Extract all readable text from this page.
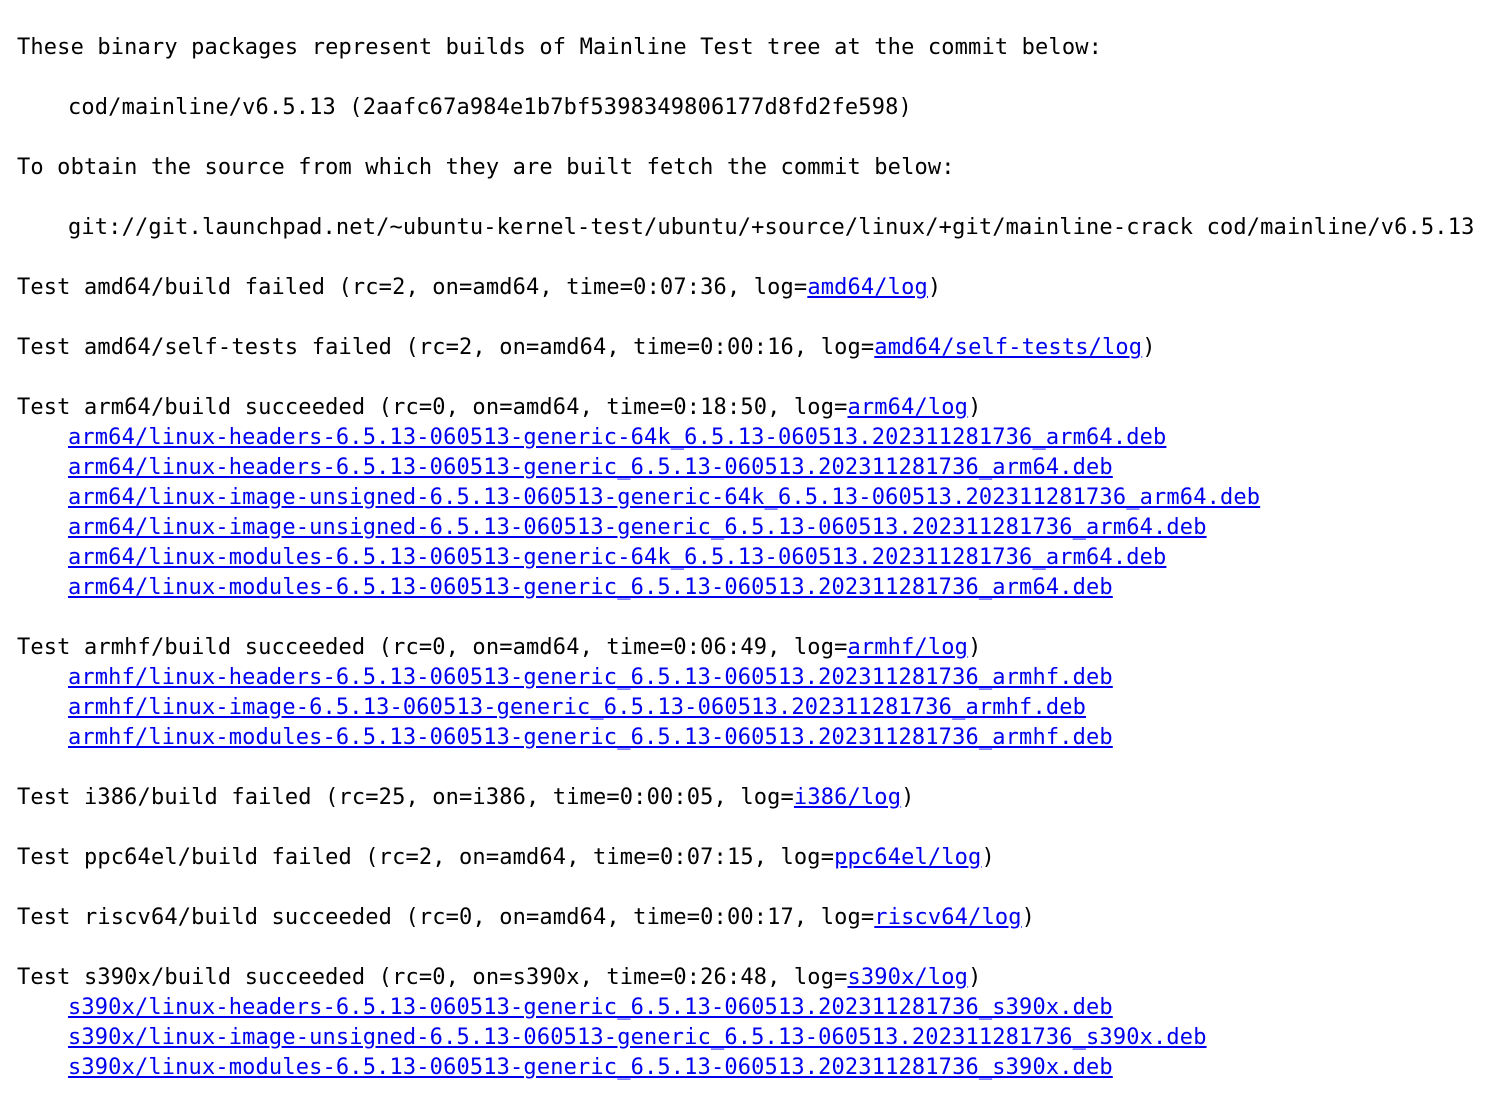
These binary packages represent builds of Mainline Test tree at the commit below:
cod/mainline/v6.5.13 (2aafc67a984e1b7bf5398349806177d8fd2fe598)
To obtain the source from which they are built fetch the commit below:
git://git.launchpad.net/~ubuntu-kernel-test/ubuntu/+source/linux/+git/mainline-crack cod/mainline/v6.5.13
Test amd64/build failed (rc=2, on=amd64, time=0:07:36, log=amd64/log)
Test amd64/self-tests failed (rc=2, on=amd64, time=0:00:16, log=amd64/self-tests/log)
Test arm64/build succeeded (rc=0, on=amd64, time=0:18:50, log=arm64/log)
arm64/linux-headers-6.5.13-060513-generic-64k_6.5.13-060513.202311281736_arm64.deb
arm64/linux-headers-6.5.13-060513-generic_6.5.13-060513.202311281736_arm64.deb
arm64/linux-image-unsigned-6.5.13-060513-generic-64k_6.5.13-060513.202311281736_arm64.deb
arm64/linux-image-unsigned-6.5.13-060513-generic_6.5.13-060513.202311281736_arm64.deb
arm64/linux-modules-6.5.13-060513-generic-64k_6.5.13-060513.202311281736_arm64.deb
arm64/linux-modules-6.5.13-060513-generic_6.5.13-060513.202311281736_arm64.deb
Test armhf/build succeeded (rc=0, on=amd64, time=0:06:49, log=armhf/log)
armhf/linux-headers-6.5.13-060513-generic_6.5.13-060513.202311281736_armhf.deb
armhf/linux-image-6.5.13-060513-generic_6.5.13-060513.202311281736_armhf.deb
armhf/linux-modules-6.5.13-060513-generic_6.5.13-060513.202311281736_armhf.deb
Test i386/build failed (rc=25, on=i386, time=0:00:05, log=i386/log)
Test ppc64el/build failed (rc=2, on=amd64, time=0:07:15, log=ppc64el/log)
Test riscv64/build succeeded (rc=0, on=amd64, time=0:00:17, log=riscv64/log)
Test s390x/build succeeded (rc=0, on=s390x, time=0:26:48, log=s390x/log)
s390x/linux-headers-6.5.13-060513-generic_6.5.13-060513.202311281736_s390x.deb
s390x/linux-image-unsigned-6.5.13-060513-generic_6.5.13-060513.202311281736_s390x.deb
s390x/linux-modules-6.5.13-060513-generic_6.5.13-060513.202311281736_s390x.deb
